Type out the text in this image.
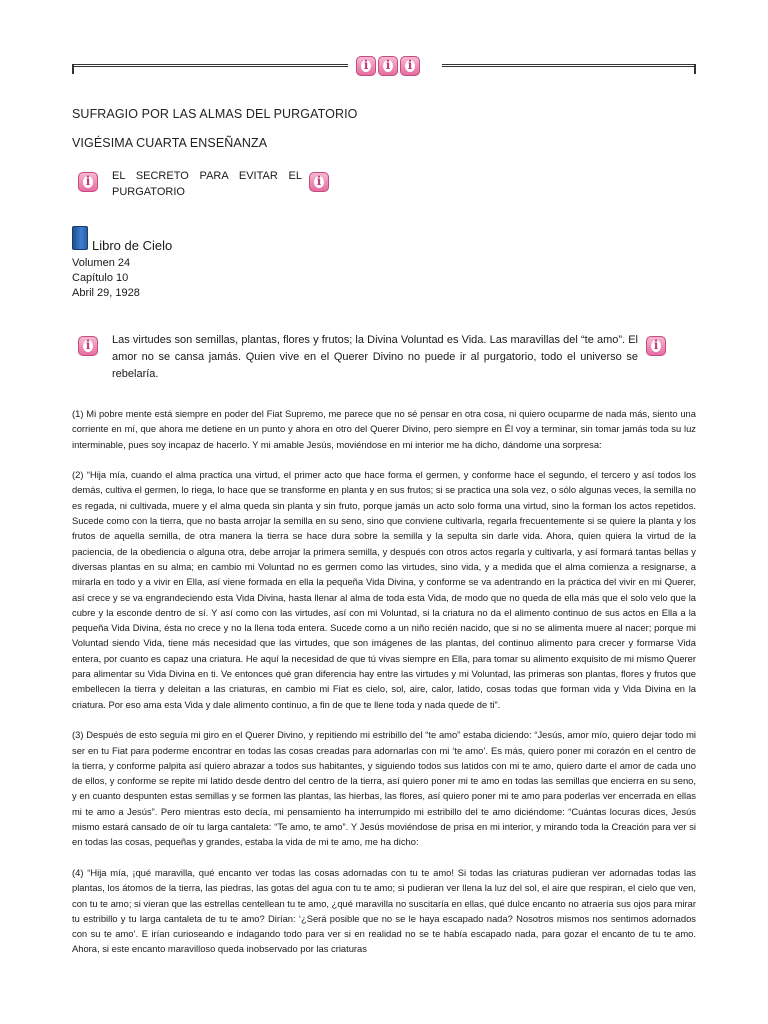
i
i
i
SUFRAGIO POR LAS ALMAS DEL PURGATORIO
VIGÉSIMA CUARTA ENSEÑANZA
i
EL SECRETO PARA EVITAR EL
PURGATORIO
i
Libro de Cielo
Volumen 24
Capítulo 10
Abril 29, 1928
i
Las virtudes son semillas, plantas, flores y frutos; la Divina Voluntad es Vida. Las maravillas del “te amo”. El amor no se cansa jamás. Quien vive en el Querer Divino no puede ir al purgatorio, todo el universo se rebelaría.
i

(1) Mi pobre mente está siempre en poder del Fiat Supremo, me parece que no sé pensar en otra cosa, ni quiero ocuparme de nada más, siento una corriente en mí, que ahora me detiene en un punto y ahora en otro del Querer Divino, pero siempre en Él voy a terminar, sin tomar jamás toda su luz interminable, pues soy incapaz de hacerlo. Y mi amable Jesús, moviéndose en mi interior me ha dicho, dándome una sorpresa:

(2) “Hija mía, cuando el alma practica una virtud, el primer acto que hace forma el germen, y conforme hace el segundo, el tercero y así todos los demás, cultiva el germen, lo riega, lo hace que se transforme en planta y en sus frutos; si se practica una sola vez, o sólo algunas veces, la semilla no es regada, ni cultivada, muere y el alma queda sin planta y sin fruto, porque jamás un acto solo forma una virtud, sino la forman los actos repetidos. Sucede como con la tierra, que no basta arrojar la semilla en su seno, sino que conviene cultivarla, regarla frecuentemente si se quiere la planta y los frutos de aquella semilla, de otra manera la tierra se hace dura sobre la semilla y la sepulta sin darle vida. Ahora, quien quiera la virtud de la paciencia, de la obediencia o alguna otra, debe arrojar la primera semilla, y después con otros actos regarla y cultivarla, y así formará tantas bellas y diversas plantas en su alma; en cambio mi Voluntad no es germen como las virtudes, sino vida, y a medida que el alma comienza a resignarse, a mirarla en todo y a vivir en Ella, así viene formada en ella la pequeña Vida Divina, y conforme se va adentrando en la práctica del vivir en mi Querer, así crece y se va engrandeciendo esta Vida Divina, hasta llenar al alma de toda esta Vida, de modo que no queda de ella más que el solo velo que la cubre y la esconde dentro de sí. Y así como con las virtudes, así con mi Voluntad, si la criatura no da el alimento continuo de sus actos en Ella a la pequeña Vida Divina, ésta no crece y no la llena toda entera. Sucede como a un niño recién nacido, que si no se alimenta muere al nacer; porque mi Voluntad siendo Vida, tiene más necesidad que las virtudes, que son imágenes de las plantas, del continuo alimento para crecer y formarse Vida entera, por cuanto es capaz una criatura. He aquí la necesidad de que tú vivas siempre en Ella, para tomar su alimento exquisito de mi mismo Querer para alimentar su Vida Divina en ti. Ve entonces qué gran diferencia hay entre las virtudes y mi Voluntad, las primeras son plantas, flores y frutos que embellecen la tierra y deleitan a las criaturas, en cambio mi Fiat es cielo, sol, aire, calor, latido, cosas todas que forman vida y Vida Divina en la criatura. Por eso ama esta Vida y dale alimento continuo, a fin de que te llene toda y nada quede de ti”.

(3) Después de esto seguía mi giro en el Querer Divino, y repitiendo mi estribillo del “te amo” estaba diciendo: “Jesús, amor mío, quiero dejar todo mi ser en tu Fiat para poderme encontrar en todas las cosas creadas para adornarlas con mi ‘te amo’. Es más, quiero poner mi corazón en el centro de la tierra, y conforme palpita así quiero abrazar a todos sus habitantes, y siguiendo todos sus latidos con mi te amo, quiero darte el amor de cada uno de ellos, y conforme se repite mi latido desde dentro del centro de la tierra, así quiero poner mi te amo en todas las semillas que encierra en su seno, y en cuanto despunten estas semillas y se formen las plantas, las hierbas, las flores, así quiero poner mi te amo para poderlas ver encerrada en ellas mi te amo a Jesús”. Pero mientras esto decía, mi pensamiento ha interrumpido mi estribillo del te amo diciéndome: “Cuántas locuras dices, Jesús mismo estará cansado de oír tu larga cantaleta: “Te amo, te amo”. Y Jesús moviéndose de prisa en mi interior, y mirando toda la Creación para ver si en todas las cosas, pequeñas y grandes, estaba la vida de mi te amo, me ha dicho:

(4) “Hija mía, ¡qué maravilla, qué encanto ver todas las cosas adornadas con tu te amo! Si todas las criaturas pudieran ver adornadas todas las plantas, los átomos de la tierra, las piedras, las gotas del agua con tu te amo; si pudieran ver llena la luz del sol, el aire que respiran, el cielo que ven, con tu te amo; si vieran que las estrellas centellean tu te amo, ¿qué maravilla no suscitaría en ellas, qué dulce encanto no atraería sus ojos para mirar tu estribillo y tu larga cantaleta de tu te amo? Dirían: ‘¿Será posible que no se le haya escapado nada? Nosotros mismos nos sentimos adornados con su te amo’. E irían curioseando e indagando todo para ver si en realidad no se te había escapado nada, para gozar el encanto de tu te amo. Ahora, si este encanto maravilloso queda inobservado por las criaturas
